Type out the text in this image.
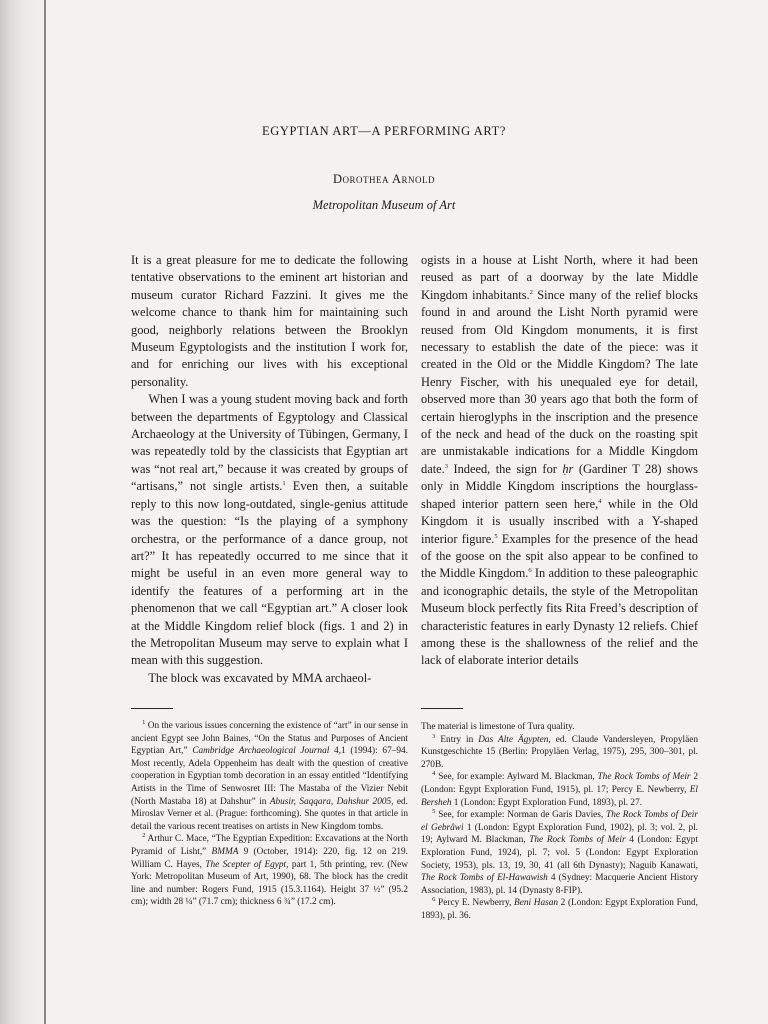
EGYPTIAN ART—A PERFORMING ART?
Dorothea Arnold
Metropolitan Museum of Art

It is a great pleasure for me to dedicate the following tentative observations to the eminent art historian and museum curator Richard Fazzini. It gives me the welcome chance to thank him for maintaining such good, neighborly relations between the Brooklyn Museum Egyptologists and the institution I work for, and for enriching our lives with his exceptional personality.

When I was a young student moving back and forth between the departments of Egyptology and Classical Archaeology at the University of Tübingen, Germany, I was repeatedly told by the classicists that Egyptian art was “not real art,” because it was created by groups of “artisans,” not single artists.$^1$ Even then, a suitable reply to this now long-outdated, single-genius attitude was the question: “Is the playing of a symphony orchestra, or the performance of a dance group, not art?” It has repeatedly occurred to me since that it might be useful in an even more general way to identify the features of a performing art in the phenomenon that we call “Egyptian art.” A closer look at the Middle Kingdom relief block (figs. 1 and 2) in the Metropolitan Museum may serve to explain what I mean with this suggestion.

The block was excavated by MMA archaeol-

ogists in a house at Lisht North, where it had been reused as part of a doorway by the late Middle Kingdom inhabitants.$^2$ Since many of the relief blocks found in and around the Lisht North pyramid were reused from Old Kingdom monuments, it is first necessary to establish the date of the piece: was it created in the Old or the Middle Kingdom? The late Henry Fischer, with his unequaled eye for detail, observed more than 30 years ago that both the form of certain hieroglyphs in the inscription and the presence of the neck and head of the duck on the roasting spit are unmistakable indications for a Middle Kingdom date.$^3$ Indeed, the sign for ḥr (Gardiner T 28) shows only in Middle Kingdom inscriptions the hourglass-shaped interior pattern seen here,$^4$ while in the Old Kingdom it is usually inscribed with a Y-shaped interior figure.$^5$ Examples for the presence of the head of the goose on the spit also appear to be confined to the Middle Kingdom.$^6$ In addition to these paleographic and iconographic details, the style of the Metropolitan Museum block perfectly fits Rita Freed’s description of characteristic features in early Dynasty 12 reliefs. Chief among these is the shallowness of the relief and the lack of elaborate interior details

$^1$ On the various issues concerning the existence of “art” in our sense in ancient Egypt see John Baines, “On the Status and Purposes of Ancient Egyptian Art,” Cambridge Archaeological Journal 4,1 (1994): 67–94. Most recently, Adela Oppenheim has dealt with the question of creative cooperation in Egyptian tomb decoration in an essay entitled “Identifying Artists in the Time of Senwosret III: The Mastaba of the Vizier Nebit (North Mastaba 18) at Dahshur” in Abusir, Saqqara, Dahshur 2005, ed. Miroslav Verner et al. (Prague: forthcoming). She quotes in that article in detail the various recent treatises on artists in New Kingdom tombs.

$^2$ Arthur C. Mace, “The Egyptian Expedition: Excavations at the North Pyramid of Lisht,” BMMA 9 (October, 1914): 220, fig. 12 on 219. William C. Hayes, The Scepter of Egypt, part 1, 5th printing, rev. (New York: Metropolitan Museum of Art, 1990), 68. The block has the credit line and number: Rogers Fund, 1915 (15.3.1164). Height 37 ½” (95.2 cm); width 28 ¼” (71.7 cm); thickness 6 ¾” (17.2 cm).

The material is limestone of Tura quality.

$^3$ Entry in Das Alte Ägypten, ed. Claude Vandersleyen, Propyläen Kunstgeschichte 15 (Berlin: Propyläen Verlag, 1975), 295, 300–301, pl. 270B.

$^4$ See, for example: Aylward M. Blackman, The Rock Tombs of Meir 2 (London: Egypt Exploration Fund, 1915), pl. 17; Percy E. Newberry, El Bersheh 1 (London: Egypt Exploration Fund, 1893), pl. 27.

$^5$ See, for example: Norman de Garis Davies, The Rock Tombs of Deir el Gebrâwi 1 (London: Egypt Exploration Fund, 1902), pl. 3; vol. 2, pl. 19; Aylward M. Blackman, The Rock Tombs of Meir 4 (London: Egypt Exploration Fund, 1924), pl. 7; vol. 5 (London: Egypt Exploration Society, 1953), pls. 13, 19, 30, 41 (all 6th Dynasty); Naguib Kanawati, The Rock Tombs of El-Hawawish 4 (Sydney: Macquerie Ancient History Association, 1983), pl. 14 (Dynasty 8-FIP).

$^6$ Percy E. Newberry, Beni Hasan 2 (London: Egypt Exploration Fund, 1893), pl. 36.
